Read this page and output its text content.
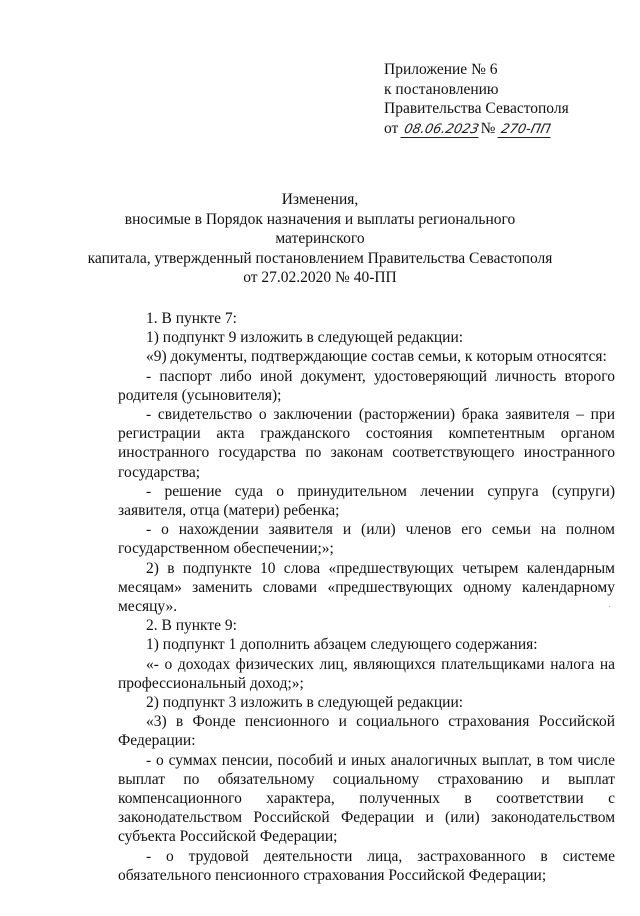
Приложение № 6
к постановлению
Правительства Севастополя
от 08.06.2023№ 270-ПП
Изменения,
вносимые в Порядок назначения и выплаты регионального материнского
капитала, утвержденный постановлением Правительства Севастополя
от 27.02.2020 № 40-ПП

1. В пункте 7:

1) подпункт 9 изложить в следующей редакции:

«9) документы, подтверждающие состав семьи, к которым относятся:

- паспорт либо иной документ, удостоверяющий личность второго родителя (усыновителя);

- свидетельство о заключении (расторжении) брака заявителя – при регистрации акта гражданского состояния компетентным органом иностранного государства по законам соответствующего иностранного государства;

- решение суда о принудительном лечении супруга (супруги) заявителя, отца (матери) ребенка;

- о нахождении заявителя и (или) членов его семьи на полном государственном обеспечении;»;

2) в подпункте 10 слова «предшествующих четырем календарным месяцам» заменить словами «предшествующих одному календарному месяцу».

2. В пункте 9:

1) подпункт 1 дополнить абзацем следующего содержания:

«- о доходах физических лиц, являющихся плательщиками налога на профессиональный доход;»;

2) подпункт 3 изложить в следующей редакции:

«3) в Фонде пенсионного и социального страхования Российской Федерации:

- о суммах пенсии, пособий и иных аналогичных выплат, в том числе выплат по обязательному социальному страхованию и выплат компенсационного характера, полученных в соответствии с законодательством Российской Федерации и (или) законодательством субъекта Российской Федерации;

- о трудовой деятельности лица, застрахованного в системе обязательного пенсионного страхования Российской Федерации;

·
